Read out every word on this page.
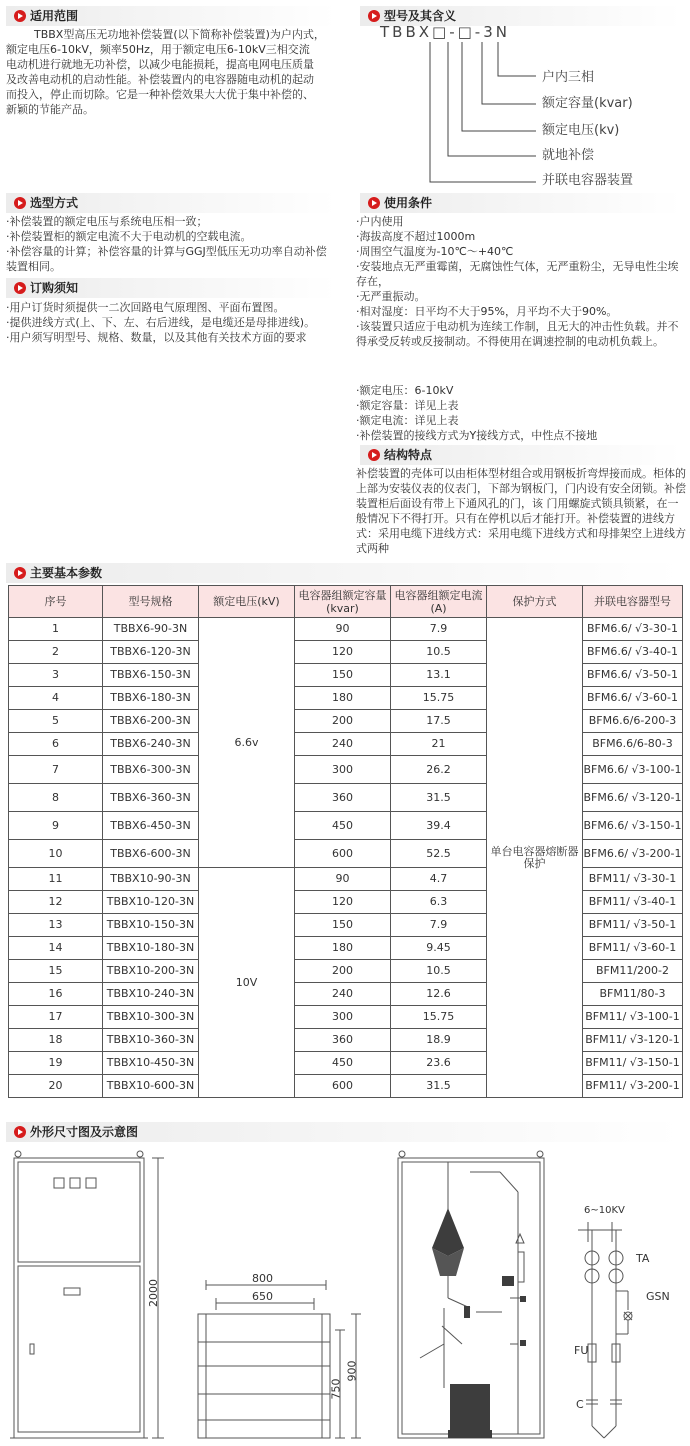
适用范围
TBBX型高压无功地补偿装置(以下简称补偿装置)为户内式，
额定电压6-10kV，频率50Hz，用于额定电压6-10kV三相交流
电动机进行就地无功补偿，以减少电能损耗，提高电网电压质量
及改善电动机的启动性能。补偿装置内的电容器随电动机的起动
而投入，停止而切除。它是一种补偿效果大大优于集中补偿的、
新颖的节能产品。
型号及其含义
TBBX□-□-3N
户内三相
额定容量(kvar)
额定电压(kv)
就地补偿
并联电容器装置
选型方式
·补偿装置的额定电压与系统电压相一致；
·补偿装置柜的额定电流不大于电动机的空载电流。
·补偿容量的计算；补偿容量的计算与GGJ型低压无功功率自动补偿装置相同。
订购须知
·用户订货时须提供一二次回路电气原理图、平面布置图。
·提供进线方式(上、下、左、右后进线，是电缆还是母排进线)。
·用户须写明型号、规格、数量，以及其他有关技术方面的要求
使用条件
·户内使用
·海拔高度不超过1000m
·周围空气温度为-10℃～+40℃
·安装地点无严重霉菌，无腐蚀性气体，无严重粉尘，无导电性尘埃存在，
·无严重振动。
·相对湿度：日平均不大于95%，月平均不大于90%。
·该装置只适应于电动机为连续工作制，且无大的冲击性负载。并不得承受反转或反接制动。不得使用在调速控制的电动机负载上。
·额定电压：6-10kV
·额定容量：详见上表
·额定电流：详见上表
·补偿装置的接线方式为Y接线方式，中性点不接地
结构特点
补偿装置的壳体可以由柜体型材组合或用钢板折弯焊接而成。柜体的上部为安装仪表的仪表门，下部为钢板门，门内设有安全闭锁。补偿装置柜后面设有带上下通风孔的门，该 门用螺旋式锁具锁紧，在一般情况下不得打开。只有在停机以后才能打开。补偿装置的进线方式：采用电缆下进线方式：采用电缆下进线方式和母排架空上进线方式两种
主要基本参数
序号	型号规格	额定电压(kV)	电容器组额定容量(kvar)	电容器组额定电流(A)	保护方式	并联电容器型号
1	TBBX6-90-3N	6.6v	90	7.9	单台电容器熔断器保护	BFM6.6/ √3-30-1
2	TBBX6-120-3N		120	10.5		BFM6.6/ √3-40-1
3	TBBX6-150-3N		150	13.1		BFM6.6/ √3-50-1
4	TBBX6-180-3N		180	15.75		BFM6.6/ √3-60-1
5	TBBX6-200-3N		200	17.5		BFM6.6/6-200-3
6	TBBX6-240-3N		240	21		BFM6.6/6-80-3
7	TBBX6-300-3N		300	26.2		BFM6.6/ √3-100-1
8	TBBX6-360-3N		360	31.5		BFM6.6/ √3-120-1
9	TBBX6-450-3N		450	39.4		BFM6.6/ √3-150-1
10	TBBX6-600-3N		600	52.5		BFM6.6/ √3-200-1
11	TBBX10-90-3N	10V	90	4.7		BFM11/ √3-30-1
12	TBBX10-120-3N		120	6.3		BFM11/ √3-40-1
13	TBBX10-150-3N		150	7.9		BFM11/ √3-50-1
14	TBBX10-180-3N		180	9.45		BFM11/ √3-60-1
15	TBBX10-200-3N		200	10.5		BFM11/200-2
16	TBBX10-240-3N		240	12.6		BFM11/80-3
17	TBBX10-300-3N		300	15.75		BFM11/ √3-100-1
18	TBBX10-360-3N		360	18.9		BFM11/ √3-120-1
19	TBBX10-450-3N		450	23.6		BFM11/ √3-150-1
20	TBBX10-600-3N		600	31.5		BFM11/ √3-200-1
外形尺寸图及示意图
2000
800
650
750
900
6~10KV
TA
GSN
FU
C
